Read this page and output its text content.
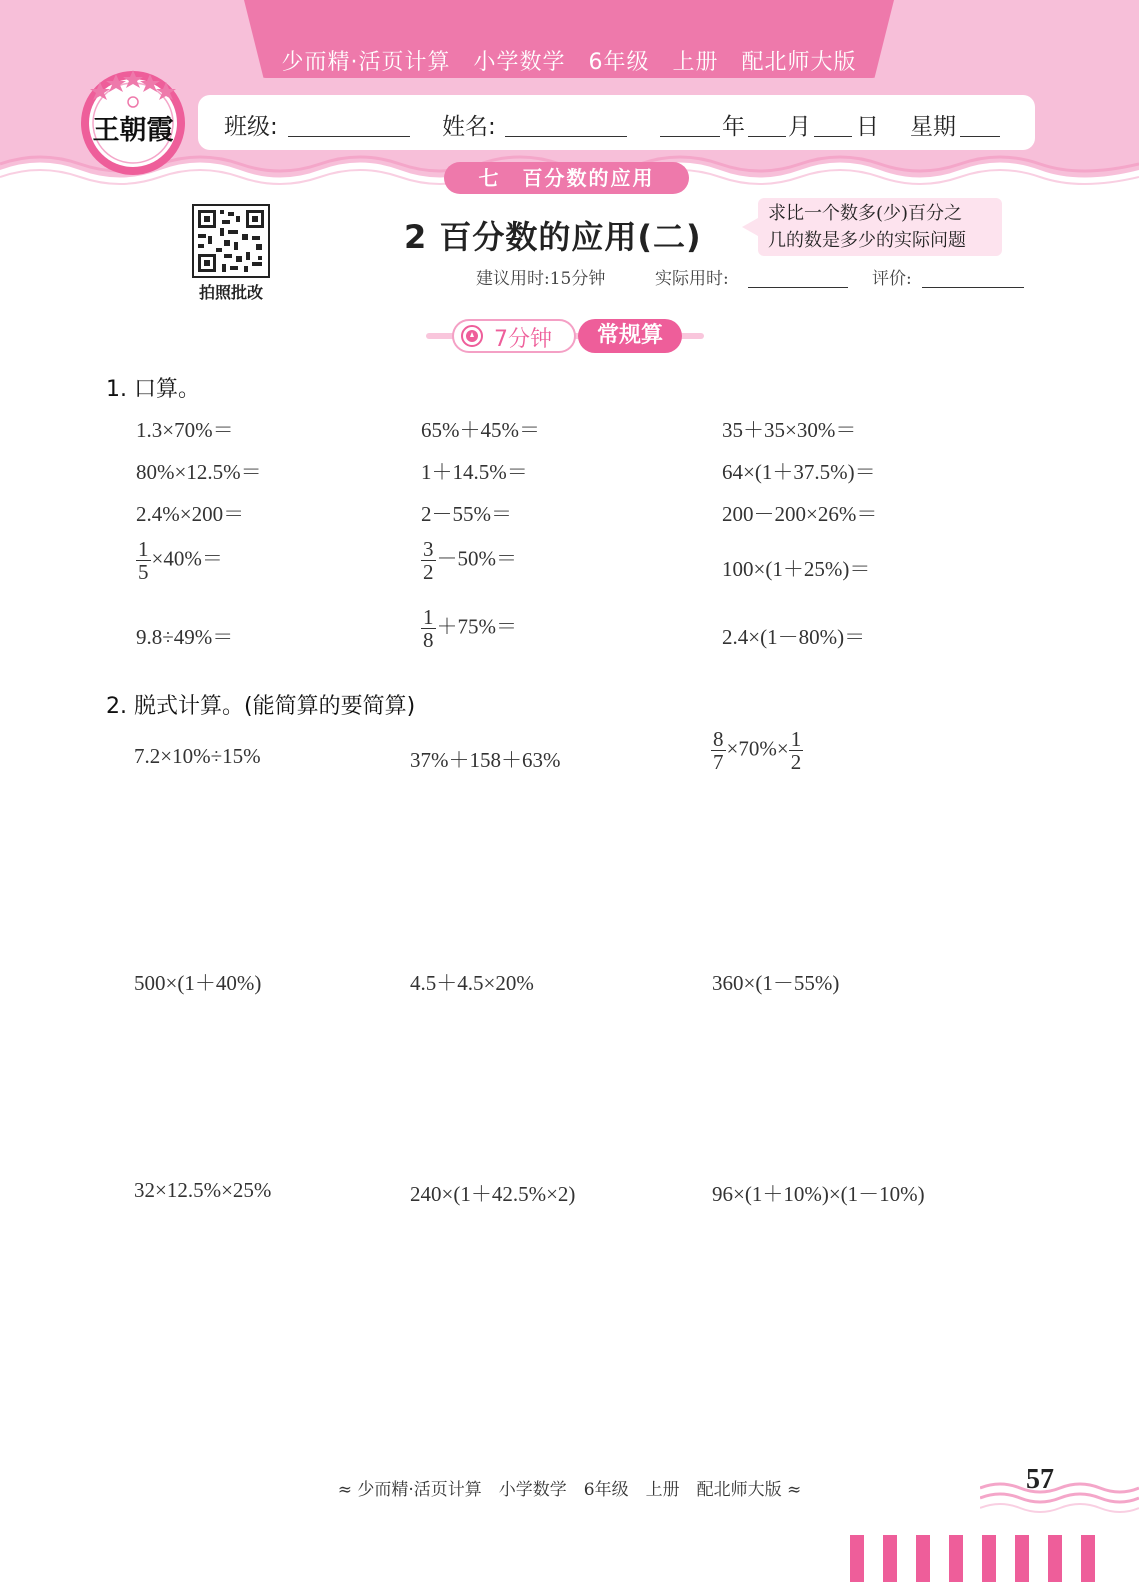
少而精·活页计算　小学数学　6年级　上册　配北师大版
班级:	姓名:	年 月 日 星期
王朝霞
七　百分数的应用
拍照批改
2 百分数的应用(二)
求比一个数多(少)百分之
几的数是多少的实际问题
建议用时:15分钟	实际用时:	评价:
7分钟	常规算
1. 口算。
1.3×70%＝	65%＋45%＝	35＋35×30%＝
80%×12.5%＝	1＋14.5%＝	64×(1＋37.5%)＝
2.4%×200＝	2－55%＝	200－200×26%＝
$\frac{1}{5} \times 40\%=$	$\frac{3}{2} -50\%=$	100×(1＋25%)＝
9.8÷49%＝	$\frac{1}{8} +75\%=$	2.4×(1－80%)＝
2. 脱式计算。(能简算的要简算)
7.2×10%÷15%	37%＋158＋63%	$\frac{8}{7} \times 70\%\times \frac{1}{2}$
500×(1＋40%)	4.5＋4.5×20%	360×(1－55%)
32×12.5%×25%	240×(1＋42.5%×2)	96×(1＋10%)×(1－10%)
≈ 少而精·活页计算　小学数学　6年级　上册　配北师大版 ≈	57
